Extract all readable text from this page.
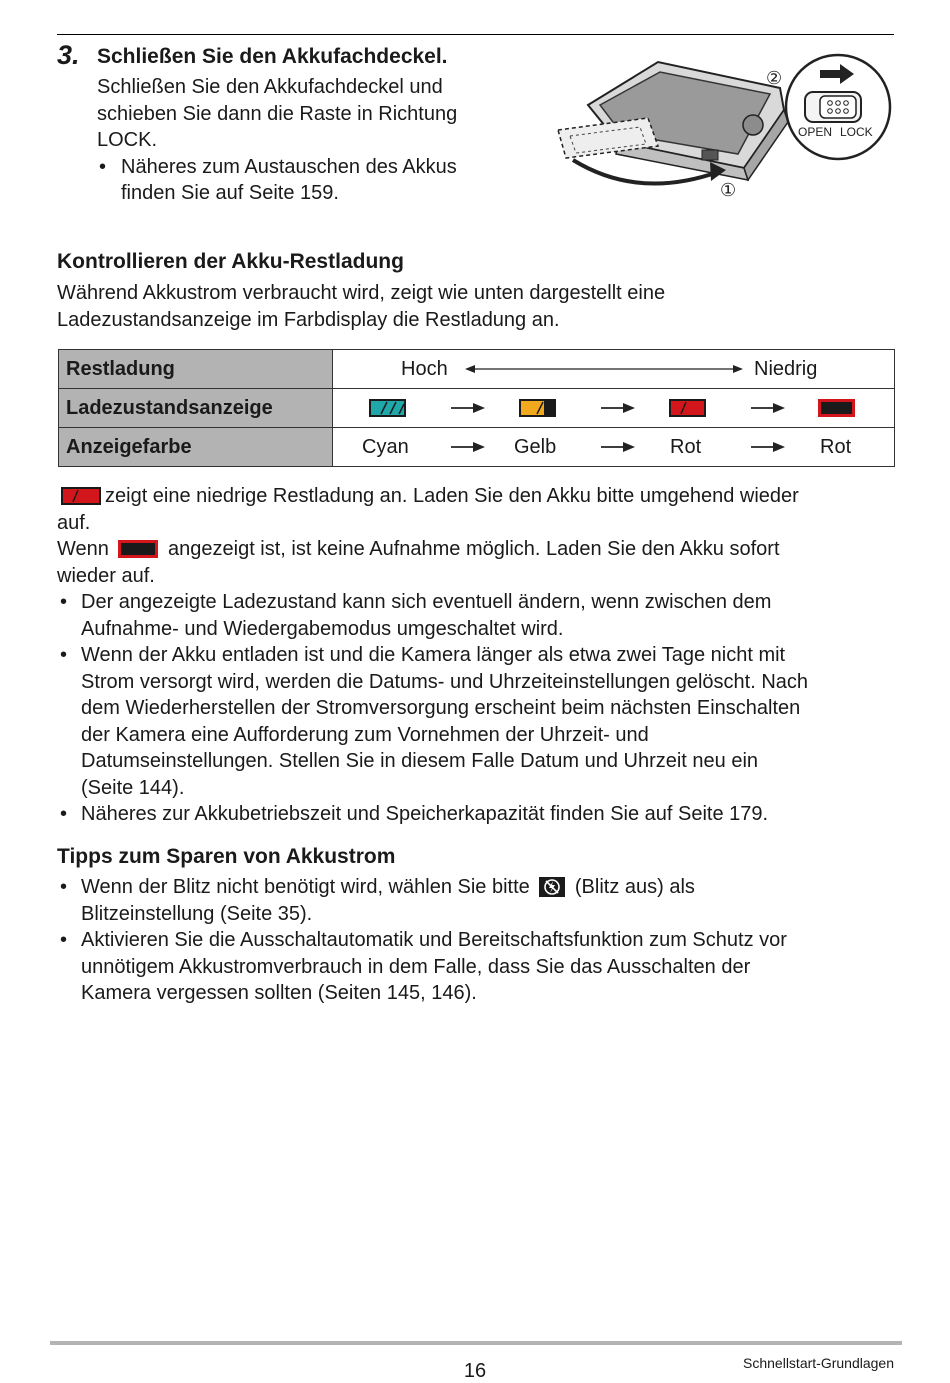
3. Schließen Sie den Akkufachdeckel.

Schließen Sie den Akkufachdeckel und

schieben Sie dann die Raste in Richtung

LOCK.

• Näheres zum Austauschen des Akkus

finden Sie auf Seite 159.	①
②
OPEN LOCK
Kontrollieren der Akku-Restladung
Während Akkustrom verbraucht wird, zeigt wie unten dargestellt eine
Ladezustandsanzeige im Farbdisplay die Restladung an.
Restladung	Hoch Niedrig

Ladezustandsanzeige	

Anzeigefarbe	Cyan Gelb Rot Rot

zeigt eine niedrige Restladung an. Laden Sie den Akku bitte umgehend wieder

auf.

Wenn	angezeigt ist, ist keine Aufnahme möglich. Laden Sie den Akku sofort

wieder auf.

• Der angezeigte Ladezustand kann sich eventuell ändern, wenn zwischen dem
Aufnahme- und Wiedergabemodus umgeschaltet wird.
• Wenn der Akku entladen ist und die Kamera länger als etwa zwei Tage nicht mit
Strom versorgt wird, werden die Datums- und Uhrzeiteinstellungen gelöscht. Nach
dem Wiederherstellen der Stromversorgung erscheint beim nächsten Einschalten
der Kamera eine Aufforderung zum Vornehmen der Uhrzeit- und
Datumseinstellungen. Stellen Sie in diesem Falle Datum und Uhrzeit neu ein
(Seite 144).
• Näheres zur Akkubetriebszeit und Speicherkapazität finden Sie auf Seite 179.
Tipps zum Sparen von Akkustrom
• Wenn der Blitz nicht benötigt wird, wählen Sie bitte (Blitz aus) als
Blitzeinstellung (Seite 35).
• Aktivieren Sie die Ausschaltautomatik und Bereitschaftsfunktion zum Schutz vor
unnötigem Akkustromverbrauch in dem Falle, dass Sie das Ausschalten der
Kamera vergessen sollten (Seiten 145, 146).
16	Schnellstart-Grundlagen
